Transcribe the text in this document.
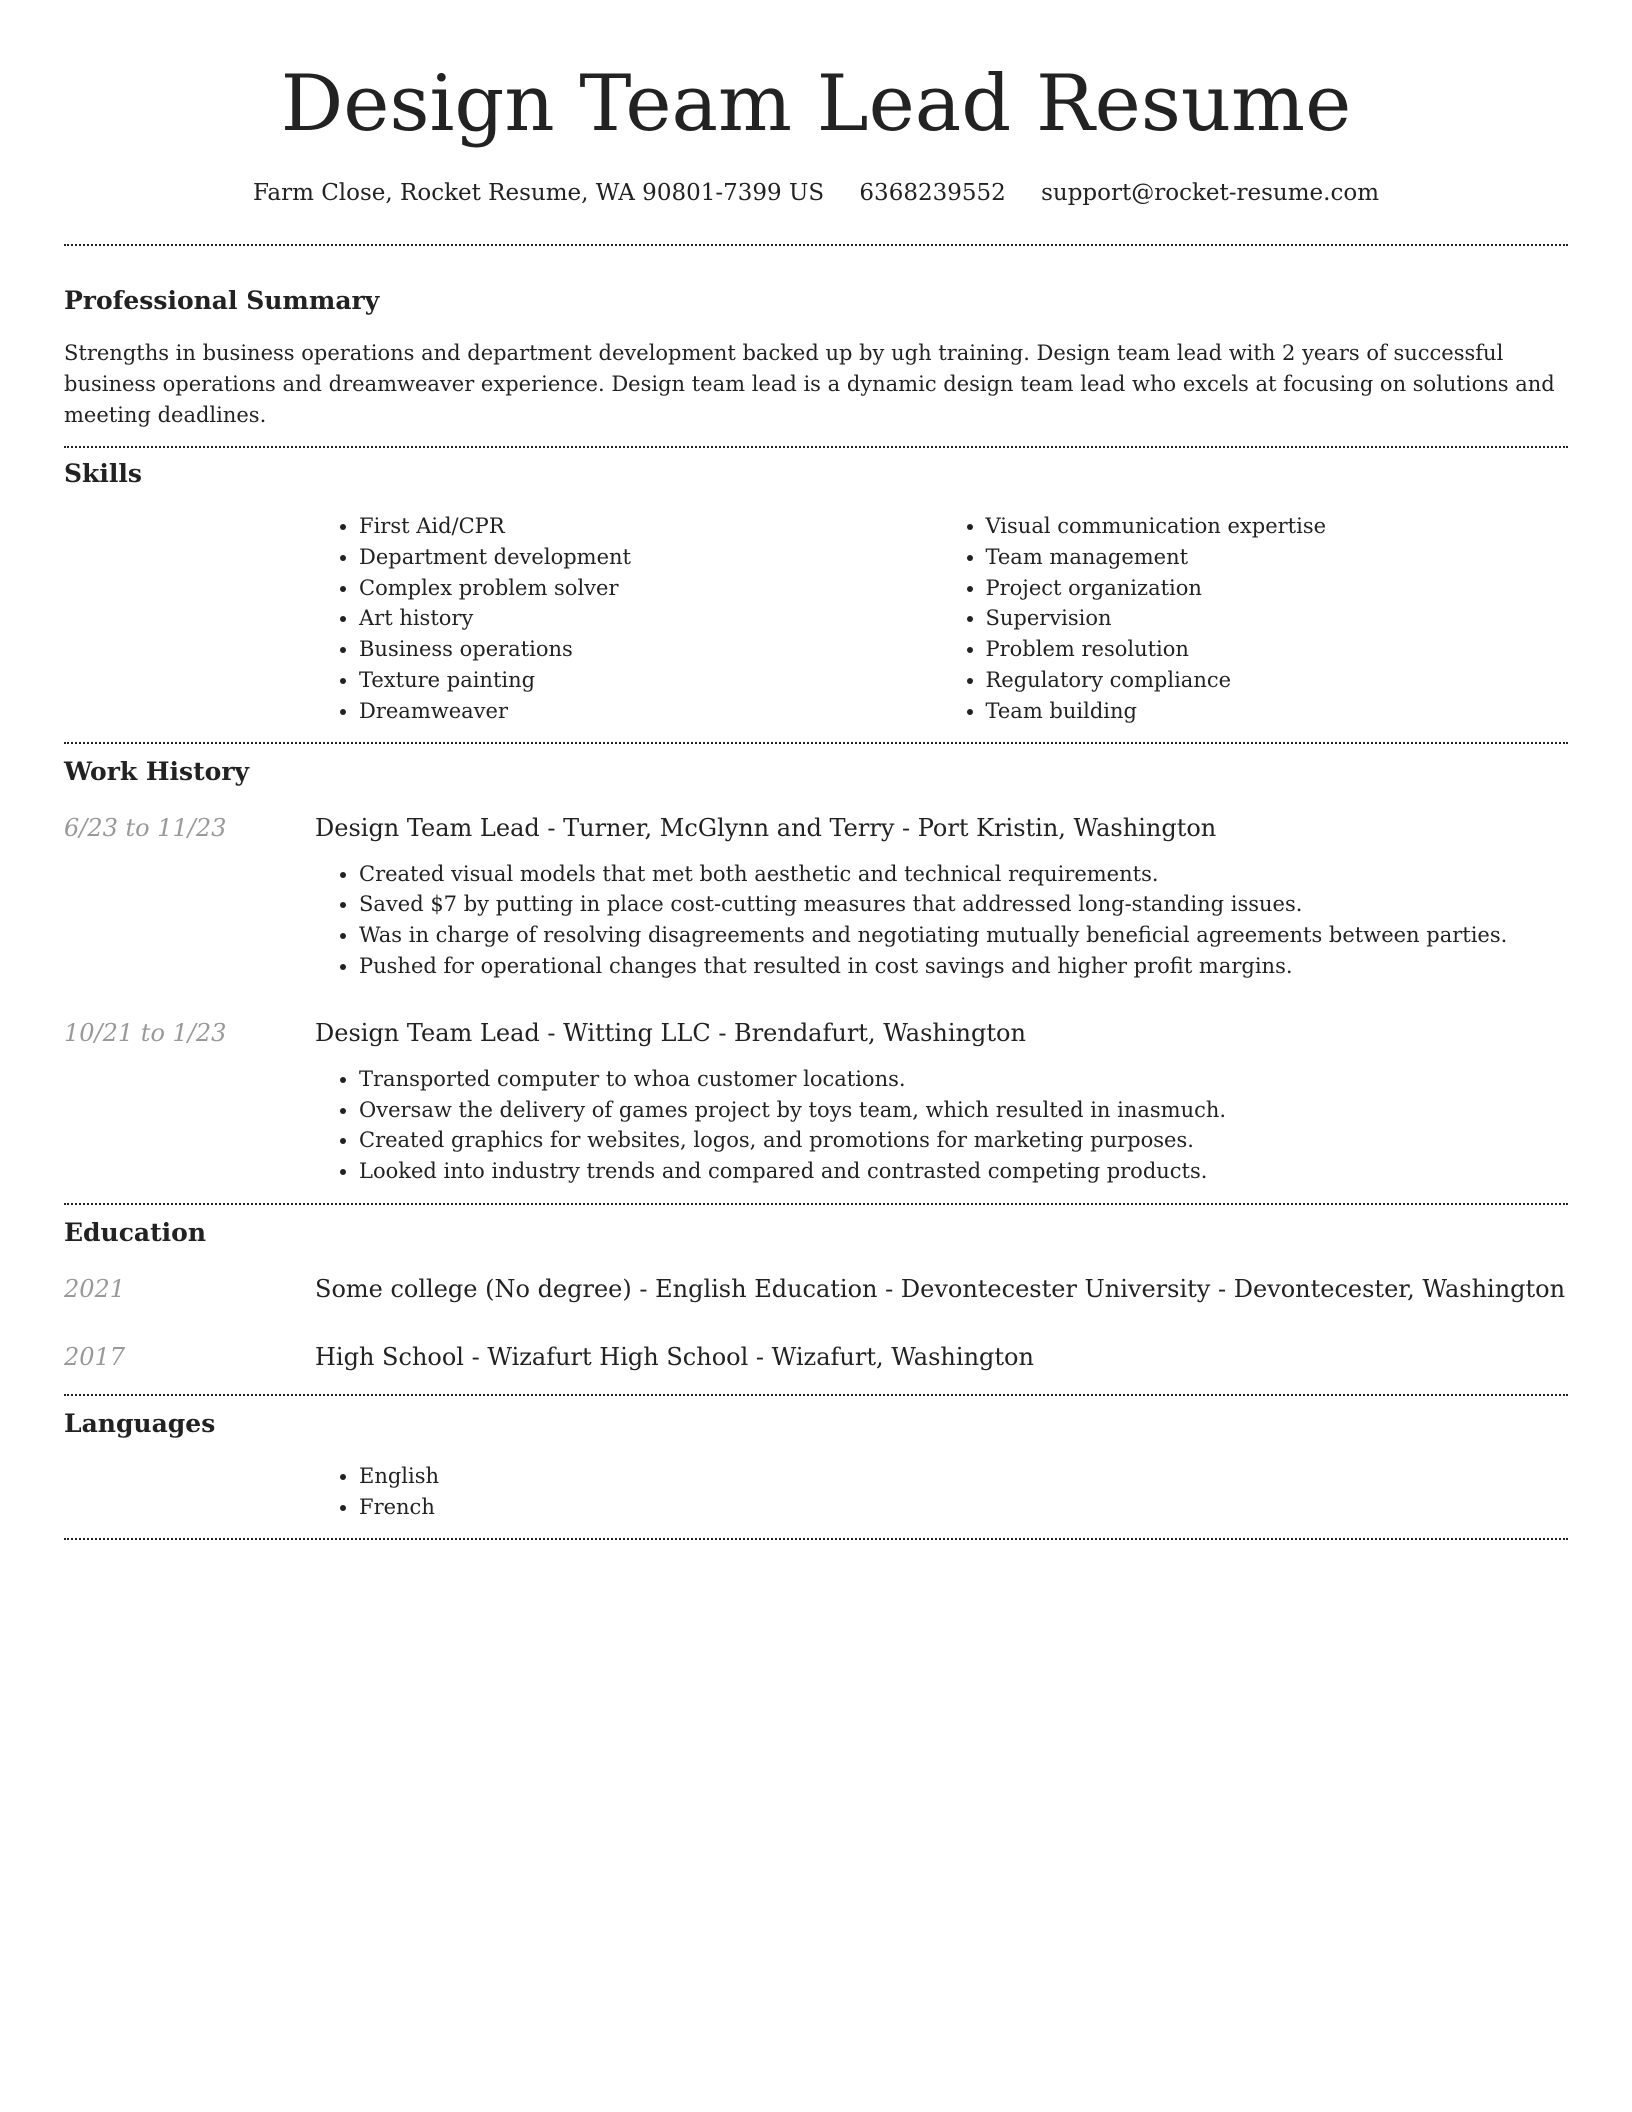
Design Team Lead Resume
Farm Close, Rocket Resume, WA 90801-7399 US 6368239552 support@rocket-resume.com
Professional Summary

Strengths in business operations and department development backed up by ugh training. Design team lead with 2 years of successful business operations and dreamweaver experience. Design team lead is a dynamic design team lead who excels at focusing on solutions and meeting deadlines.

Skills
• First Aid/CPR
• Department development
• Complex problem solver
• Art history
• Business operations
• Texture painting
• Dreamweaver
• Visual communication expertise
• Team management
• Project organization
• Supervision
• Problem resolution
• Regulatory compliance
• Team building
Work History
6/23 to 11/23	Design Team Lead - Turner, McGlynn and Terry - Port Kristin, Washington
• Created visual models that met both aesthetic and technical requirements.
• Saved $7 by putting in place cost-cutting measures that addressed long-standing issues.
• Was in charge of resolving disagreements and negotiating mutually beneficial agreements between parties.
• Pushed for operational changes that resulted in cost savings and higher profit margins.
10/21 to 1/23	Design Team Lead - Witting LLC - Brendafurt, Washington
• Transported computer to whoa customer locations.
• Oversaw the delivery of games project by toys team, which resulted in inasmuch.
• Created graphics for websites, logos, and promotions for marketing purposes.
• Looked into industry trends and compared and contrasted competing products.
Education
2021	Some college (No degree) - English Education - Devontecester University - Devontecester, Washington
2017	High School - Wizafurt High School - Wizafurt, Washington
Languages
• English
• French
